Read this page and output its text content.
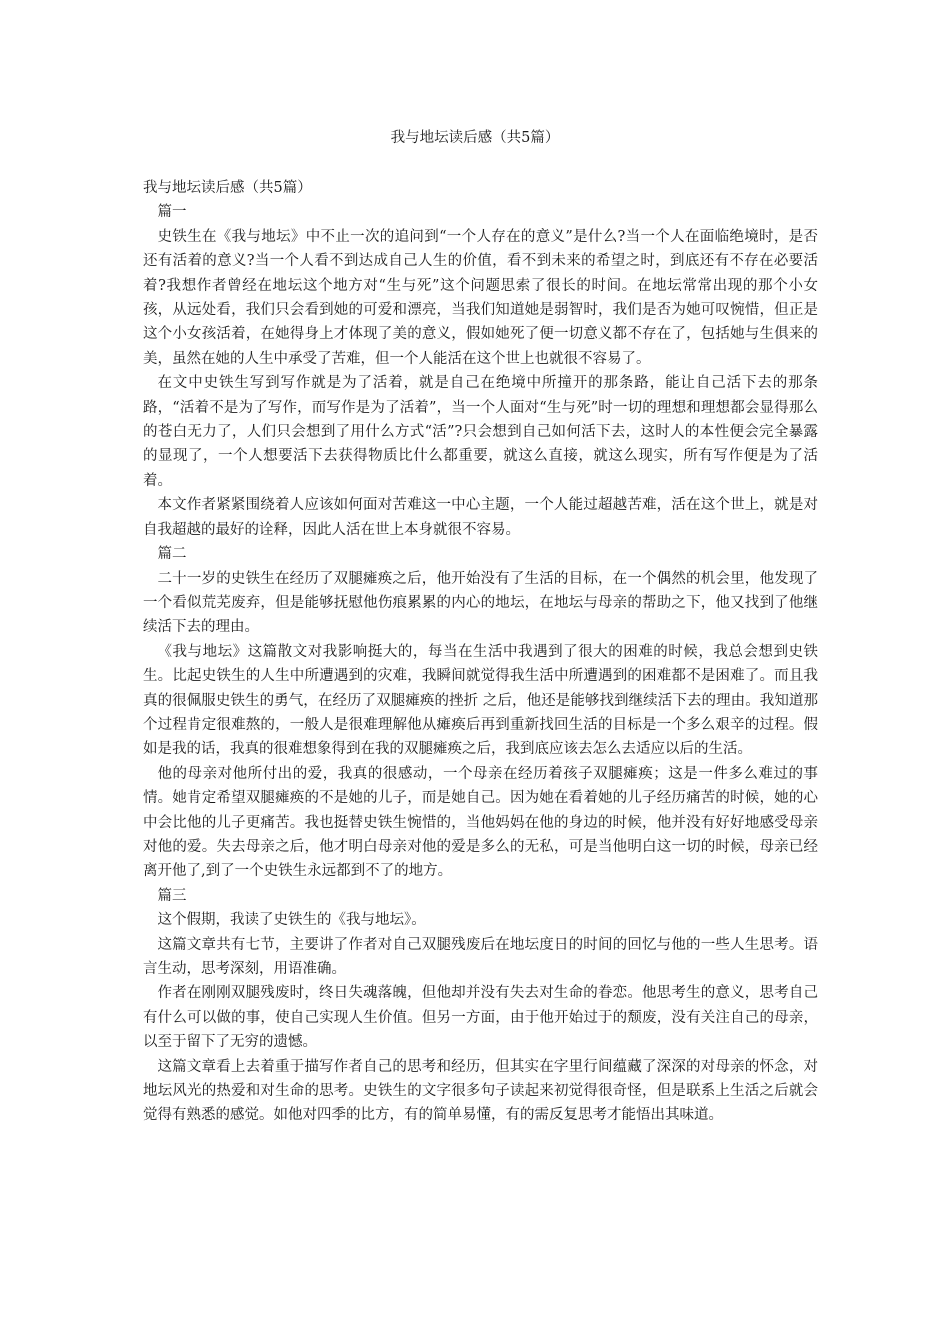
我与地坛读后感（共5篇）

我与地坛读后感（共5篇）

篇一

史铁生在《我与地坛》中不止一次的追问到“一个人存在的意义”是什么?当一个人在面临绝境时，是否还有活着的意义?当一个人看不到达成自己人生的价值，看不到未来的希望之时，到底还有不存在必要活着?我想作者曾经在地坛这个地方对“生与死”这个问题思索了很长的时间。在地坛常常出现的那个小女孩，从远处看，我们只会看到她的可爱和漂亮，当我们知道她是弱智时，我们是否为她可叹惋惜，但正是这个小女孩活着，在她得身上才体现了美的意义，假如她死了便一切意义都不存在了，包括她与生俱来的美，虽然在她的人生中承受了苦难，但一个人能活在这个世上也就很不容易了。

在文中史铁生写到写作就是为了活着，就是自己在绝境中所撞开的那条路，能让自己活下去的那条路，“活着不是为了写作，而写作是为了活着”，当一个人面对“生与死”时一切的理想和理想都会显得那么的苍白无力了，人们只会想到了用什么方式“活”?只会想到自己如何活下去，这时人的本性便会完全暴露的显现了，一个人想要活下去获得物质比什么都重要，就这么直接，就这么现实，所有写作便是为了活着。

本文作者紧紧围绕着人应该如何面对苦难这一中心主题，一个人能过超越苦难，活在这个世上，就是对自我超越的最好的诠释，因此人活在世上本身就很不容易。

篇二

二十一岁的史铁生在经历了双腿瘫痪之后，他开始没有了生活的目标，在一个偶然的机会里，他发现了一个看似荒芜废弃，但是能够抚慰他伤痕累累的内心的地坛，在地坛与母亲的帮助之下，他又找到了他继续活下去的理由。

《我与地坛》这篇散文对我影响挺大的，每当在生活中我遇到了很大的困难的时候，我总会想到史铁生。比起史铁生的人生中所遭遇到的灾难，我瞬间就觉得我生活中所遭遇到的困难都不是困难了。而且我真的很佩服史铁生的勇气，在经历了双腿瘫痪的挫折 之后，他还是能够找到继续活下去的理由。我知道那个过程肯定很难熬的，一般人是很难理解他从瘫痪后再到重新找回生活的目标是一个多么艰辛的过程。假如是我的话，我真的很难想象得到在我的双腿瘫痪之后，我到底应该去怎么去适应以后的生活。

他的母亲对他所付出的爱，我真的很感动，一个母亲在经历着孩子双腿瘫痪；这是一件多么难过的事情。她肯定希望双腿瘫痪的不是她的儿子，而是她自己。因为她在看着她的儿子经历痛苦的时候，她的心中会比他的儿子更痛苦。我也挺替史铁生惋惜的，当他妈妈在他的身边的时候，他并没有好好地感受母亲对他的爱。失去母亲之后，他才明白母亲对他的爱是多么的无私，可是当他明白这一切的时候，母亲已经离开他了,到了一个史铁生永远都到不了的地方。

篇三

这个假期，我读了史铁生的《我与地坛》。

这篇文章共有七节，主要讲了作者对自己双腿残废后在地坛度日的时间的回忆与他的一些人生思考。语言生动，思考深刻，用语准确。

作者在刚刚双腿残废时，终日失魂落魄，但他却并没有失去对生命的眷恋。他思考生的意义，思考自己有什么可以做的事，使自己实现人生价值。但另一方面，由于他开始过于的颓废，没有关注自己的母亲，以至于留下了无穷的遗憾。

这篇文章看上去着重于描写作者自己的思考和经历，但其实在字里行间蕴藏了深深的对母亲的怀念，对地坛风光的热爱和对生命的思考。史铁生的文字很多句子读起来初觉得很奇怪，但是联系上生活之后就会觉得有熟悉的感觉。如他对四季的比方，有的简单易懂，有的需反复思考才能悟出其味道。
